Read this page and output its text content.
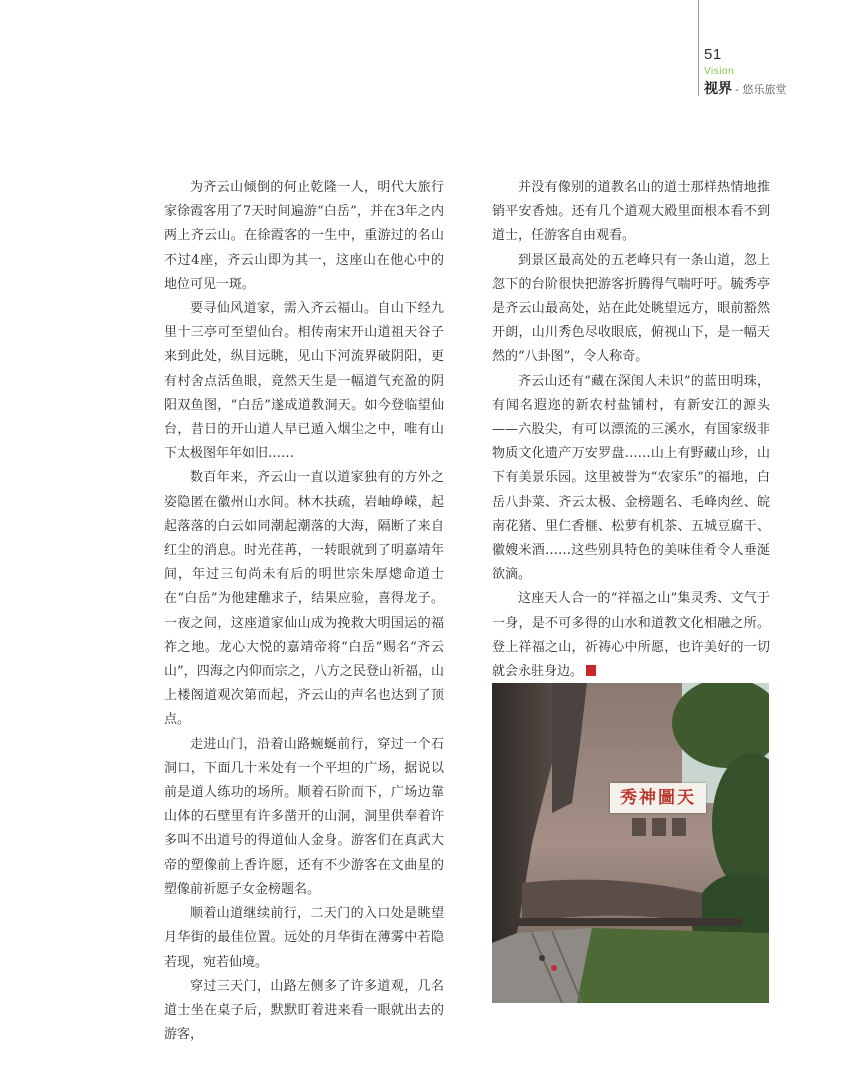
51
Vision
视界 - 悠乐旅堂

为齐云山倾倒的何止乾隆一人，明代大旅行家徐霞客用了7天时间遍游“白岳”，并在3年之内两上齐云山。在徐霞客的一生中，重游过的名山不过4座，齐云山即为其一，这座山在他心中的地位可见一斑。

要寻仙风道家，需入齐云福山。自山下经九里十三亭可至望仙台。相传南宋开山道祖天谷子来到此处，纵目远眺，见山下河流界破阴阳，更有村舍点活鱼眼，竟然天生是一幅道气充盈的阴阳双鱼图，“白岳”遂成道教洞天。如今登临望仙台，昔日的开山道人早已遁入烟尘之中，唯有山下太极图年年如旧……

数百年来，齐云山一直以道家独有的方外之姿隐匿在徽州山水间。林木扶疏，岩岫峥嵘，起起落落的白云如同潮起潮落的大海，隔断了来自红尘的消息。时光荏苒，一转眼就到了明嘉靖年间，年过三旬尚未有后的明世宗朱厚熜命道士在“白岳”为他建醮求子，结果应验，喜得龙子。一夜之间，这座道家仙山成为挽救大明国运的福祚之地。龙心大悦的嘉靖帝将“白岳”赐名“齐云山”，四海之内仰而宗之，八方之民登山祈福，山上楼阁道观次第而起，齐云山的声名也达到了顶点。

走进山门，沿着山路蜿蜒前行，穿过一个石洞口，下面几十米处有一个平坦的广场，据说以前是道人练功的场所。顺着石阶而下，广场边靠山体的石壁里有许多凿开的山洞，洞里供奉着许多叫不出道号的得道仙人金身。游客们在真武大帝的塑像前上香许愿，还有不少游客在文曲星的塑像前祈愿子女金榜题名。

顺着山道继续前行，二天门的入口处是眺望月华街的最佳位置。远处的月华街在薄雾中若隐若现，宛若仙境。

穿过三天门，山路左侧多了许多道观，几名道士坐在桌子后，默默盯着进来看一眼就出去的游客，

并没有像别的道教名山的道士那样热情地推销平安香烛。还有几个道观大殿里面根本看不到道士，任游客自由观看。

到景区最高处的五老峰只有一条山道，忽上忽下的台阶很快把游客折腾得气喘吁吁。毓秀亭是齐云山最高处，站在此处眺望远方，眼前豁然开朗，山川秀色尽收眼底，俯视山下，是一幅天然的“八卦图”，令人称奇。

齐云山还有“藏在深闺人未识”的蓝田明珠，有闻名遐迩的新农村盐铺村，有新安江的源头——六股尖，有可以漂流的三溪水，有国家级非物质文化遗产万安罗盘……山上有野藏山珍，山下有美景乐园。这里被誉为“农家乐”的福地，白岳八卦菜、齐云太极、金榜题名、毛峰肉丝、皖南花猪、里仁香榧、松萝有机茶、五城豆腐干、徽嫂米酒……这些别具特色的美味佳肴令人垂涎欲滴。

这座天人合一的“祥福之山”集灵秀、文气于一身，是不可多得的山水和道教文化相融之所。登上祥福之山，祈祷心中所愿，也许美好的一切就会永驻身边。

秀神圖天
